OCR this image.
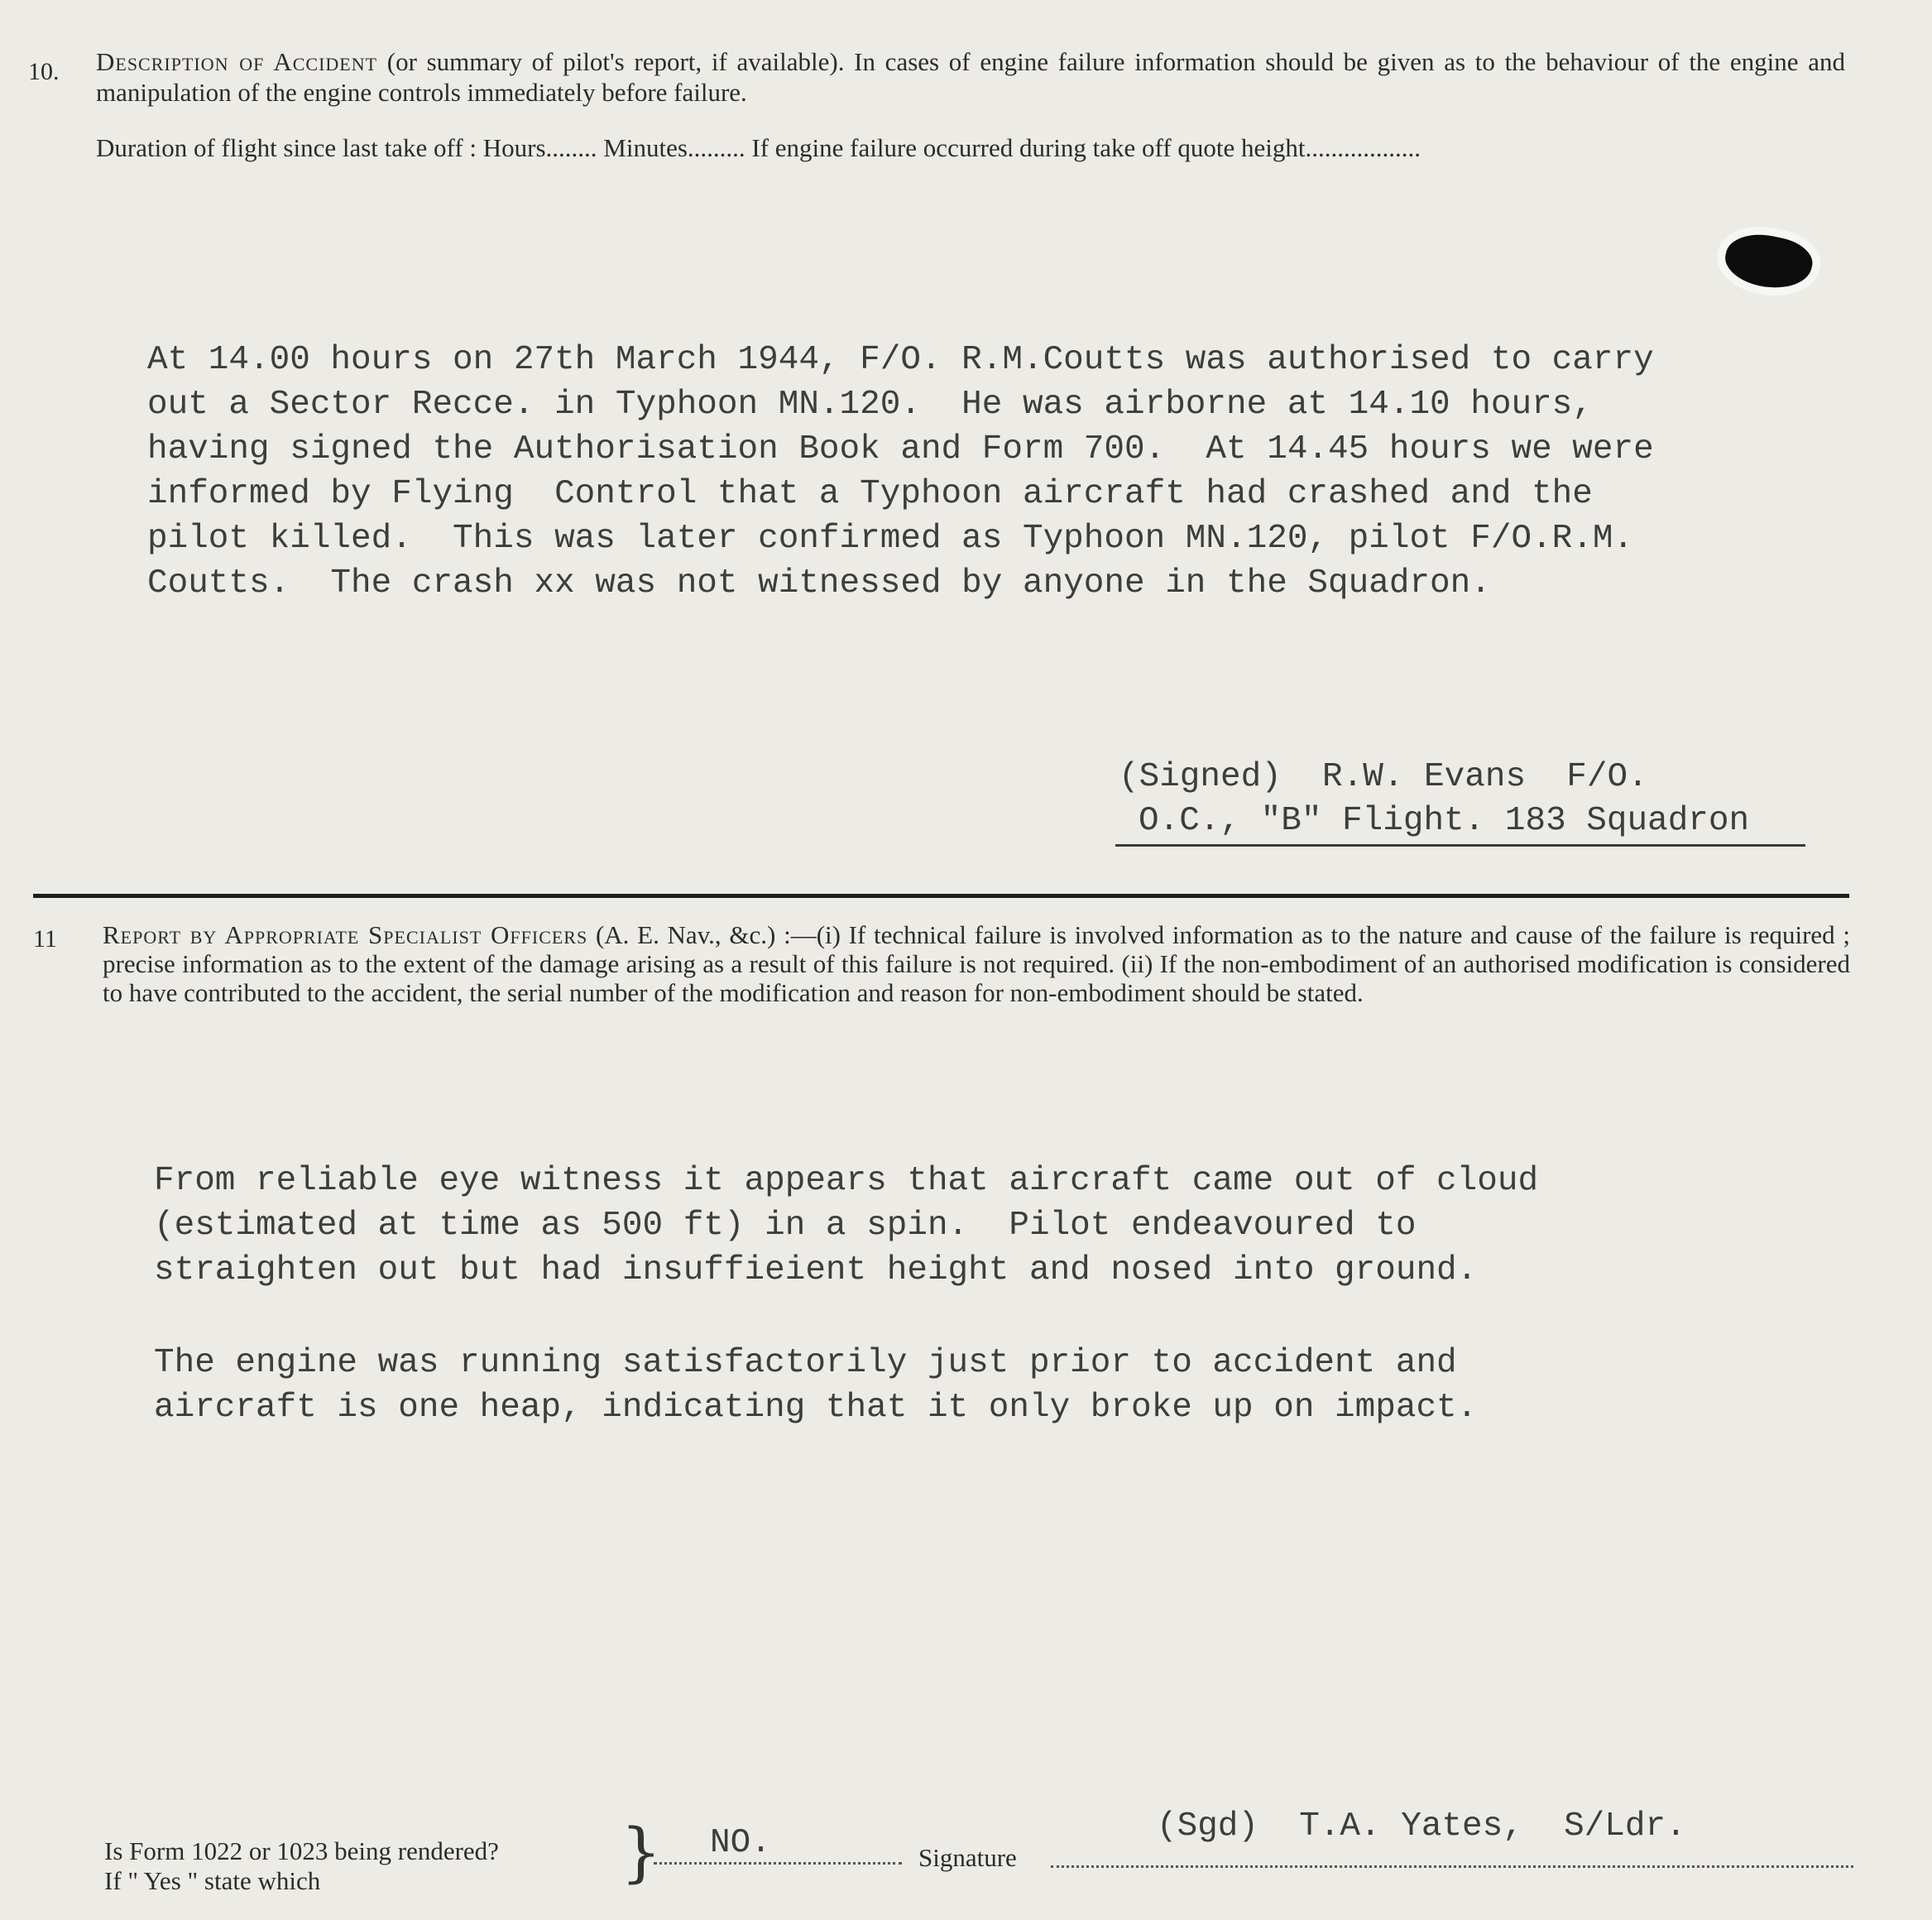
10. Description of Accident (or summary of pilot's report, if available). In cases of engine failure information should be given as to the behaviour of the engine and manipulation of the engine controls immediately before failure.
Duration of flight since last take off : Hours........ Minutes......... If engine failure occurred during take off quote height..................
At 14.00 hours on 27th March 1944, F/O. R.M.Coutts was authorised to carry
out a Sector Recce. in Typhoon MN.120.  He was airborne at 14.10 hours,
having signed the Authorisation Book and Form 700.  At 14.45 hours we were
informed by Flying  Control that a Typhoon aircraft had crashed and the
pilot killed.  This was later confirmed as Typhoon MN.120, pilot F/O.R.M.
Coutts.  The crash xx was not witnessed by anyone in the Squadron.
(Signed)  R.W. Evans  F/O.
O.C., "B" Flight. 183 Squadron
11 Report by Appropriate Specialist Officers (A. E. Nav., &c.) :—(i) If technical failure is involved information as to the nature and cause of the failure is required ; precise information as to the extent of the damage arising as a result of this failure is not required. (ii) If the non-embodiment of an authorised modification is considered to have contributed to the accident, the serial number of the modification and reason for non-embodiment should be stated.
From reliable eye witness it appears that aircraft came out of cloud
(estimated at time as 500 ft) in a spin.  Pilot endeavoured to
straighten out but had insuffieient height and nosed into ground.
The engine was running satisfactorily just prior to accident and
aircraft is one heap, indicating that it only broke up on impact.
Is Form 1022 or 1023 being rendered?
If " Yes " state which	} NO.	Signature
(Sgd)  T.A. Yates,  S/Ldr.
